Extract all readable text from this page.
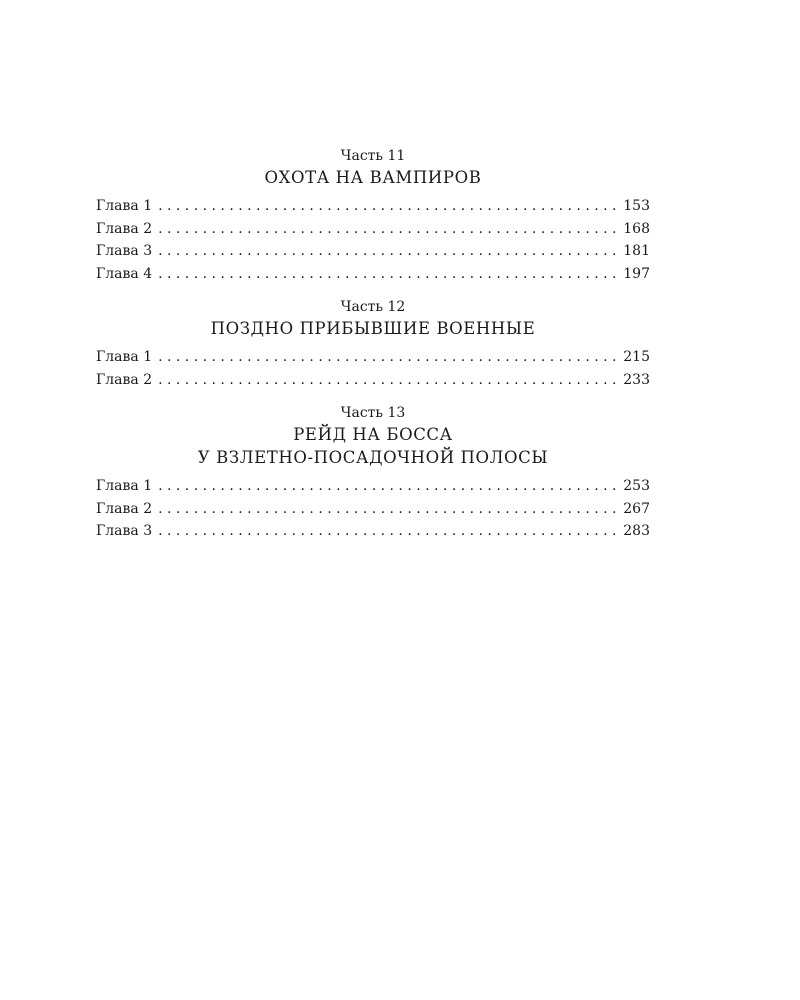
Часть 11

ОХОТА НА ВАМПИРОВ

Глава 1 . . .	153
Глава 2 . . .	168
Глава 3 . . .	181
Глава 4 . . .	197

Часть 12

ПОЗДНО ПРИБЫВШИЕ ВОЕННЫЕ

Глава 1 . . .	215
Глава 2 . . .	233

Часть 13

РЕЙД НА БОССА

У ВЗЛЕТНО-ПОСАДОЧНОЙ ПОЛОСЫ

Глава 1 . . .	253
Глава 2 . . .	267
Глава 3 . . .	283
